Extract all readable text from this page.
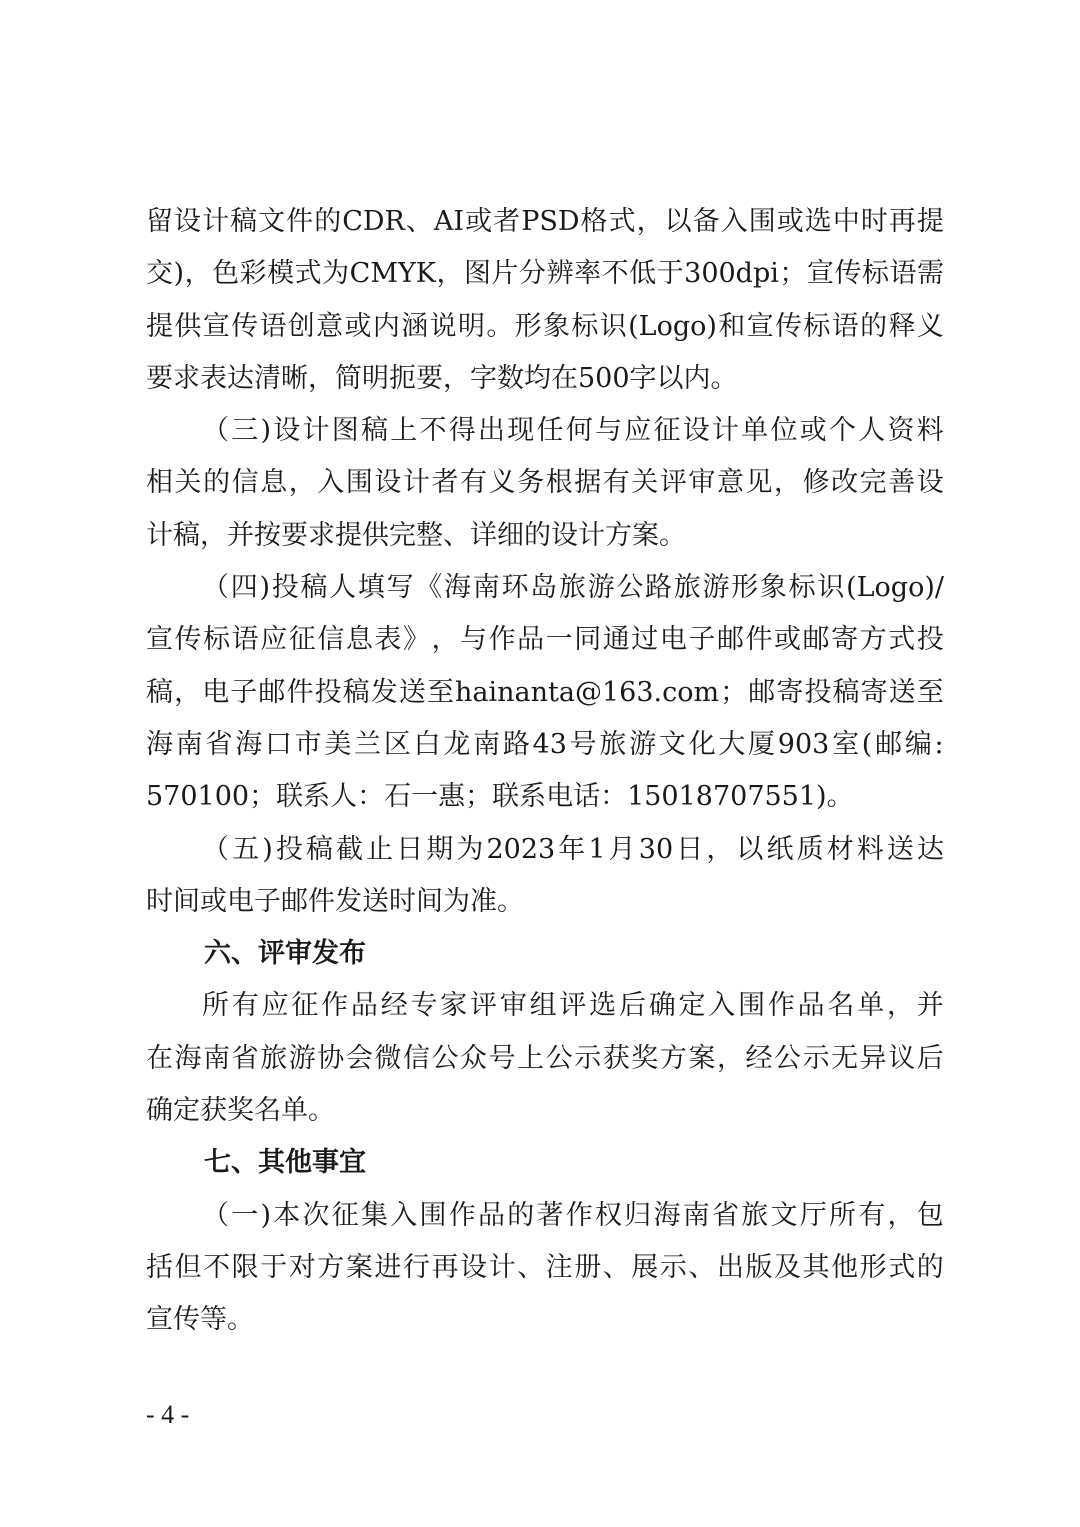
留 设 计 稿 文 件 的 CDR 、 AI 或 者 PSD 格 式 ， 以 备 入 围 或 选 中 时 再 提
交 ) ， 色 彩 模 式 为 CMYK ， 图 片 分 辨 率 不 低 于 300dpi ； 宣 传 标 语 需
提 供 宣 传 语 创 意 或 内 涵 说 明 。 形 象 标 识 (Logo) 和 宣 传 标 语 的 释 义
要求表达清晰，简明扼要，字数均在500字以内。
（ 三 ) 设 计 图 稿 上 不 得 出 现 任 何 与 应 征 设 计 单 位 或 个 人 资 料
相 关 的 信 息 ， 入 围 设 计 者 有 义 务 根 据 有 关 评 审 意 见 ， 修 改 完 善 设
计稿，并按要求提供完整、详细的设计方案。
（ 四 ) 投 稿 人 填 写 《 海 南 环 岛 旅 游 公 路 旅 游 形 象 标 识 (Logo)/
宣 传 标 语 应 征 信 息 表 》 ， 与 作 品 一 同 通 过 电 子 邮 件 或 邮 寄 方 式 投
稿 ， 电 子 邮 件 投 稿 发 送 至 hainanta@163.com ； 邮 寄 投 稿 寄 送 至
海 南 省 海 口 市 美 兰 区 白 龙 南 路 43 号 旅 游 文 化 大 厦 903 室 ( 邮 编 :
570100；联系人：石一惠；联系电话：15018707551)。
（ 五 ) 投 稿 截 止 日 期 为 2023 年 1 月 30 日 ， 以 纸 质 材 料 送 达
时间或电子邮件发送时间为准。
六、评审发布
所 有 应 征 作 品 经 专 家 评 审 组 评 选 后 确 定 入 围 作 品 名 单 ， 并
在 海 南 省 旅 游 协 会 微 信 公 众 号 上 公 示 获 奖 方 案 ， 经 公 示 无 异 议 后
确定获奖名单。
七、其他事宜
（ 一 ) 本 次 征 集 入 围 作 品 的 著 作 权 归 海 南 省 旅 文 厅 所 有 ， 包
括 但 不 限 于 对 方 案 进 行 再 设 计 、 注 册 、 展 示 、 出 版 及 其 他 形 式 的
宣传等。
- 4 -
